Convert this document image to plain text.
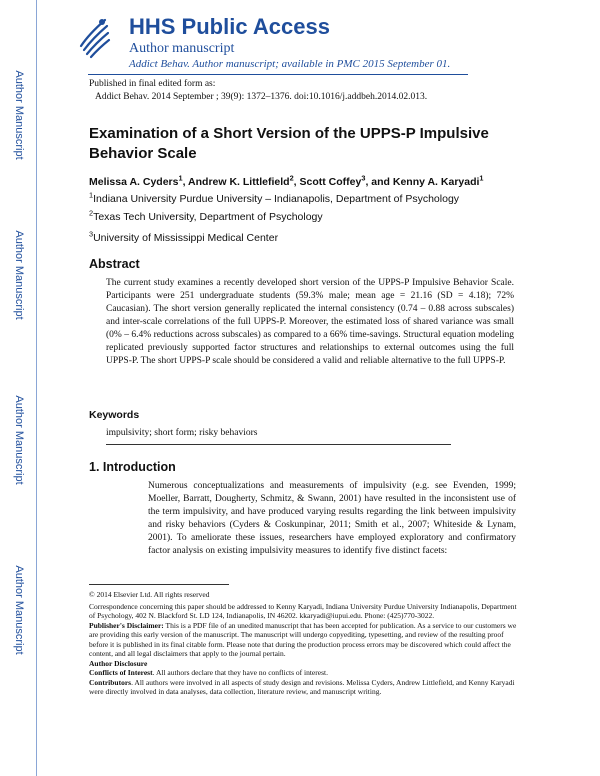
Author Manuscript
Author Manuscript
Author Manuscript
Author Manuscript
HHS Public Access
Author manuscript
Addict Behav. Author manuscript; available in PMC 2015 September 01.
Published in final edited form as:
Addict Behav. 2014 September ; 39(9): 1372–1376. doi:10.1016/j.addbeh.2014.02.013.
Examination of a Short Version of the UPPS-P Impulsive Behavior Scale
Melissa A. Cyders$^1$, Andrew K. Littlefield$^2$, Scott Coffey$^3$, and Kenny A. Karyadi$^1$
$^1$Indiana University Purdue University – Indianapolis, Department of Psychology
$^2$Texas Tech University, Department of Psychology
$^3$University of Mississippi Medical Center
Abstract
The current study examines a recently developed short version of the UPPS-P Impulsive Behavior Scale. Participants were 251 undergraduate students (59.3% male; mean age = 21.16 (SD = 4.18); 72% Caucasian). The short version generally replicated the internal consistency (0.74 – 0.88 across subscales) and inter-scale correlations of the full UPPS-P. Moreover, the estimated loss of shared variance was small (0% – 6.4% reductions across subscales) as compared to a 66% time-savings. Structural equation modeling replicated previously supported factor structures and relationships to external outcomes using the full UPPS-P. The short UPPS-P scale should be considered a valid and reliable alternative to the full UPPS-P.
Keywords
impulsivity; short form; risky behaviors
1. Introduction
Numerous conceptualizations and measurements of impulsivity (e.g. see Evenden, 1999; Moeller, Barratt, Dougherty, Schmitz, & Swann, 2001) have resulted in the inconsistent use of the term impulsivity, and have produced varying results regarding the link between impulsivity and risky behaviors (Cyders & Coskunpinar, 2011; Smith et al., 2007; Whiteside & Lynam, 2001). To ameliorate these issues, researchers have employed exploratory and confirmatory factor analysis on existing impulsivity measures to identify five distinct facets:
© 2014 Elsevier Ltd. All rights reserved
Correspondence concerning this paper should be addressed to Kenny Karyadi, Indiana University Purdue University Indianapolis, Department of Psychology, 402 N. Blackford St. LD 124, Indianapolis, IN 46202. kkaryadi@iupui.edu. Phone: (425)770-3022.
Publisher's Disclaimer: This is a PDF file of an unedited manuscript that has been accepted for publication. As a service to our customers we are providing this early version of the manuscript. The manuscript will undergo copyediting, typesetting, and review of the resulting proof before it is published in its final citable form. Please note that during the production process errors may be discovered which could affect the content, and all legal disclaimers that apply to the journal pertain.
Author Disclosure
Conflicts of Interest. All authors declare that they have no conflicts of interest.
Contributors. All authors were involved in all aspects of study design and revisions. Melissa Cyders, Andrew Littlefield, and Kenny Karyadi were directly involved in data analyses, data collection, literature review, and manuscript writing.
